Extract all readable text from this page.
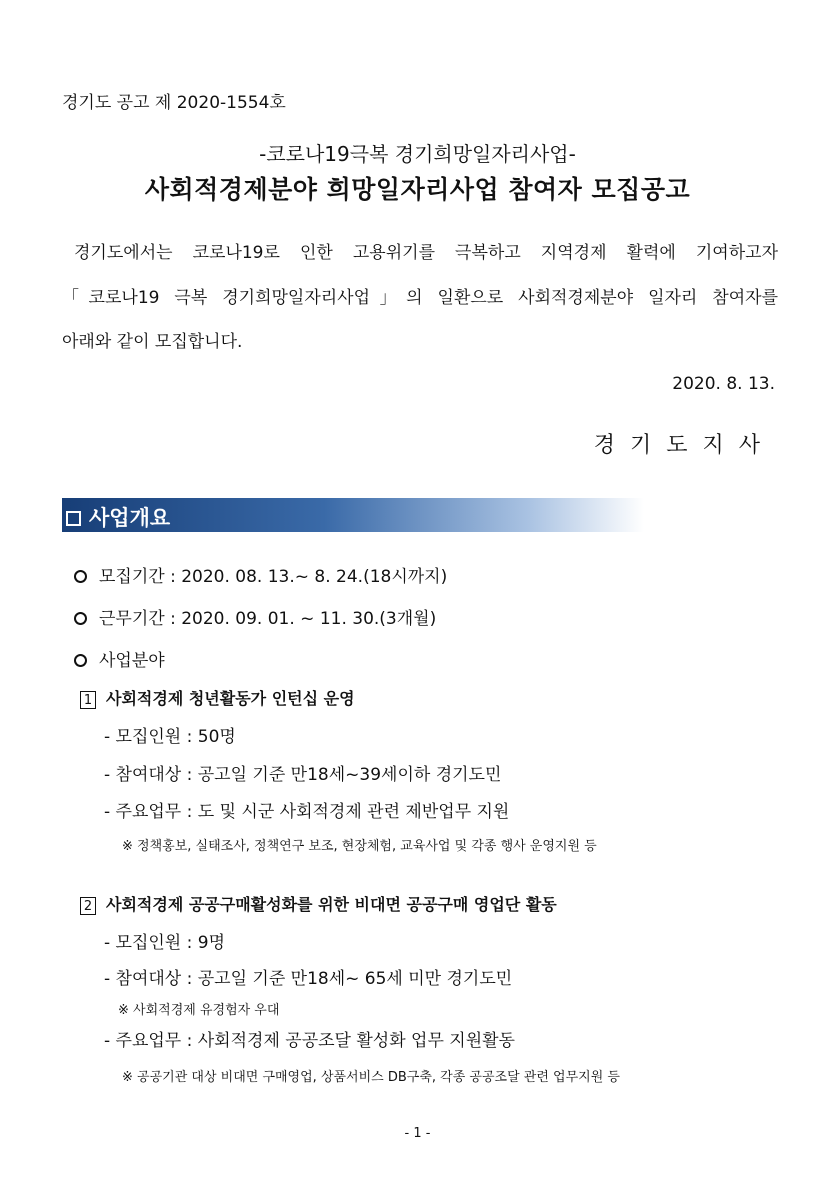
경기도 공고 제 2020-1554호
-코로나19극복 경기희망일자리사업-
사회적경제분야 희망일자리사업 참여자 모집공고
경기도에서는 코로나19로 인한 고용위기를 극복하고 지역경제 활력에 기여하고자
「코로나19 극복 경기희망일자리사업」의 일환으로 사회적경제분야 일자리 참여자를
아래와 같이 모집합니다.
2020. 8. 13.
경기도지사
사업개요
모집기간 : 2020. 08. 13.~ 8. 24.(18시까지)
근무기간 : 2020. 09. 01. ~ 11. 30.(3개월)
사업분야
1 사회적경제 청년활동가 인턴십 운영
- 모집인원 : 50명
- 참여대상 : 공고일 기준 만18세~39세이하 경기도민
- 주요업무 : 도 및 시군 사회적경제 관련 제반업무 지원
※ 정책홍보, 실태조사, 정책연구 보조, 현장체험, 교육사업 및 각종 행사 운영지원 등
2 사회적경제 공공구매활성화를 위한 비대면 공공구매 영업단 활동
- 모집인원 : 9명
- 참여대상 : 공고일 기준 만18세~ 65세 미만 경기도민
※ 사회적경제 유경험자 우대
- 주요업무 : 사회적경제 공공조달 활성화 업무 지원활동
※ 공공기관 대상 비대면 구매영업, 상품서비스 DB구축, 각종 공공조달 관련 업무지원 등
- 1 -
